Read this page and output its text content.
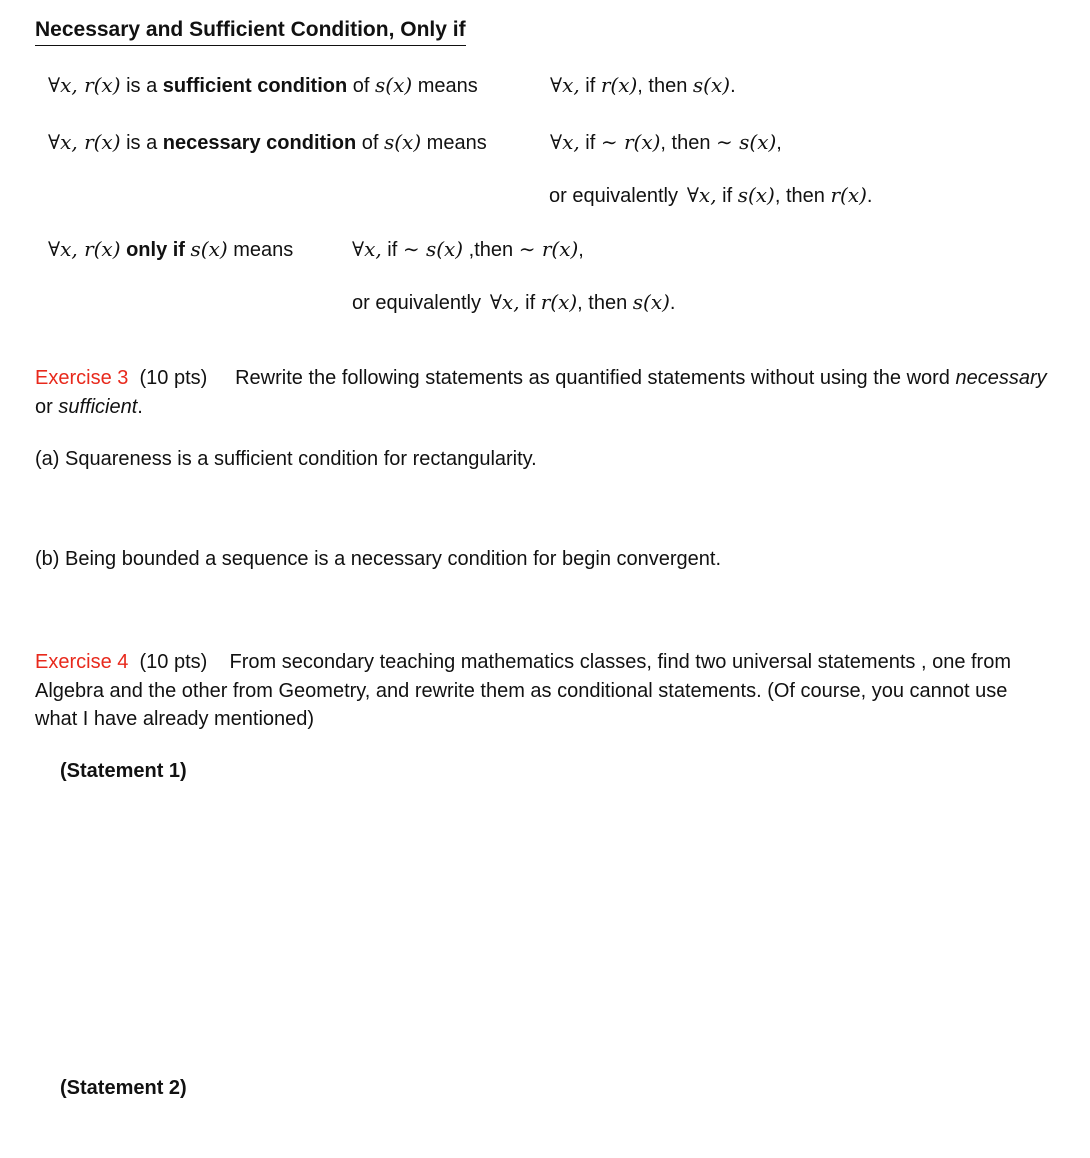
Necessary and Sufficient Condition, Only if
∀x, r(x) is a sufficient condition of s(x) means	∀x, if r(x), then s(x).
∀x, r(x) is a necessary condition of s(x) means	∀x, if ∼ r(x), then ∼ s(x),
or equivalently ∀x, if s(x), then r(x).
∀x, r(x) only if s(x) means	∀x, if ∼ s(x) ,then ∼ r(x),
or equivalently ∀x, if r(x), then s(x).
Exercise 3 (10 pts) Rewrite the following statements as quantified statements without using the word necessary or sufficient.
(a) Squareness is a sufficient condition for rectangularity.
(b) Being bounded a sequence is a necessary condition for begin convergent.
Exercise 4 (10 pts) From secondary teaching mathematics classes, find two universal statements , one from Algebra and the other from Geometry, and rewrite them as conditional statements. (Of course, you cannot use what I have already mentioned)
(Statement 1)
(Statement 2)
